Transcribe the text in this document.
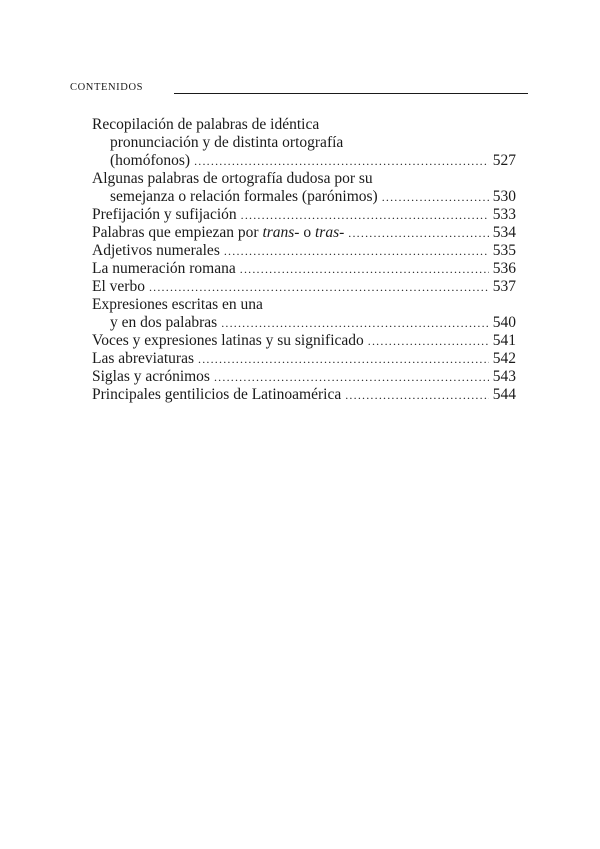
CONTENIDOS
Recopilación de palabras de idéntica
pronunciación y de distinta ortografía
(homófonos) .....	527
Algunas palabras de ortografía dudosa por su
semejanza o relación formales (parónimos) .....	530
Prefijación y sufijación .....	533
Palabras que empiezan por trans- o tras- .....	534
Adjetivos numerales .....	535
La numeración romana .....	536
El verbo .....	537
Expresiones escritas en una
y en dos palabras .....	540
Voces y expresiones latinas y su significado .....	541
Las abreviaturas .....	542
Siglas y acrónimos .....	543
Principales gentilicios de Latinoamérica .....	544
